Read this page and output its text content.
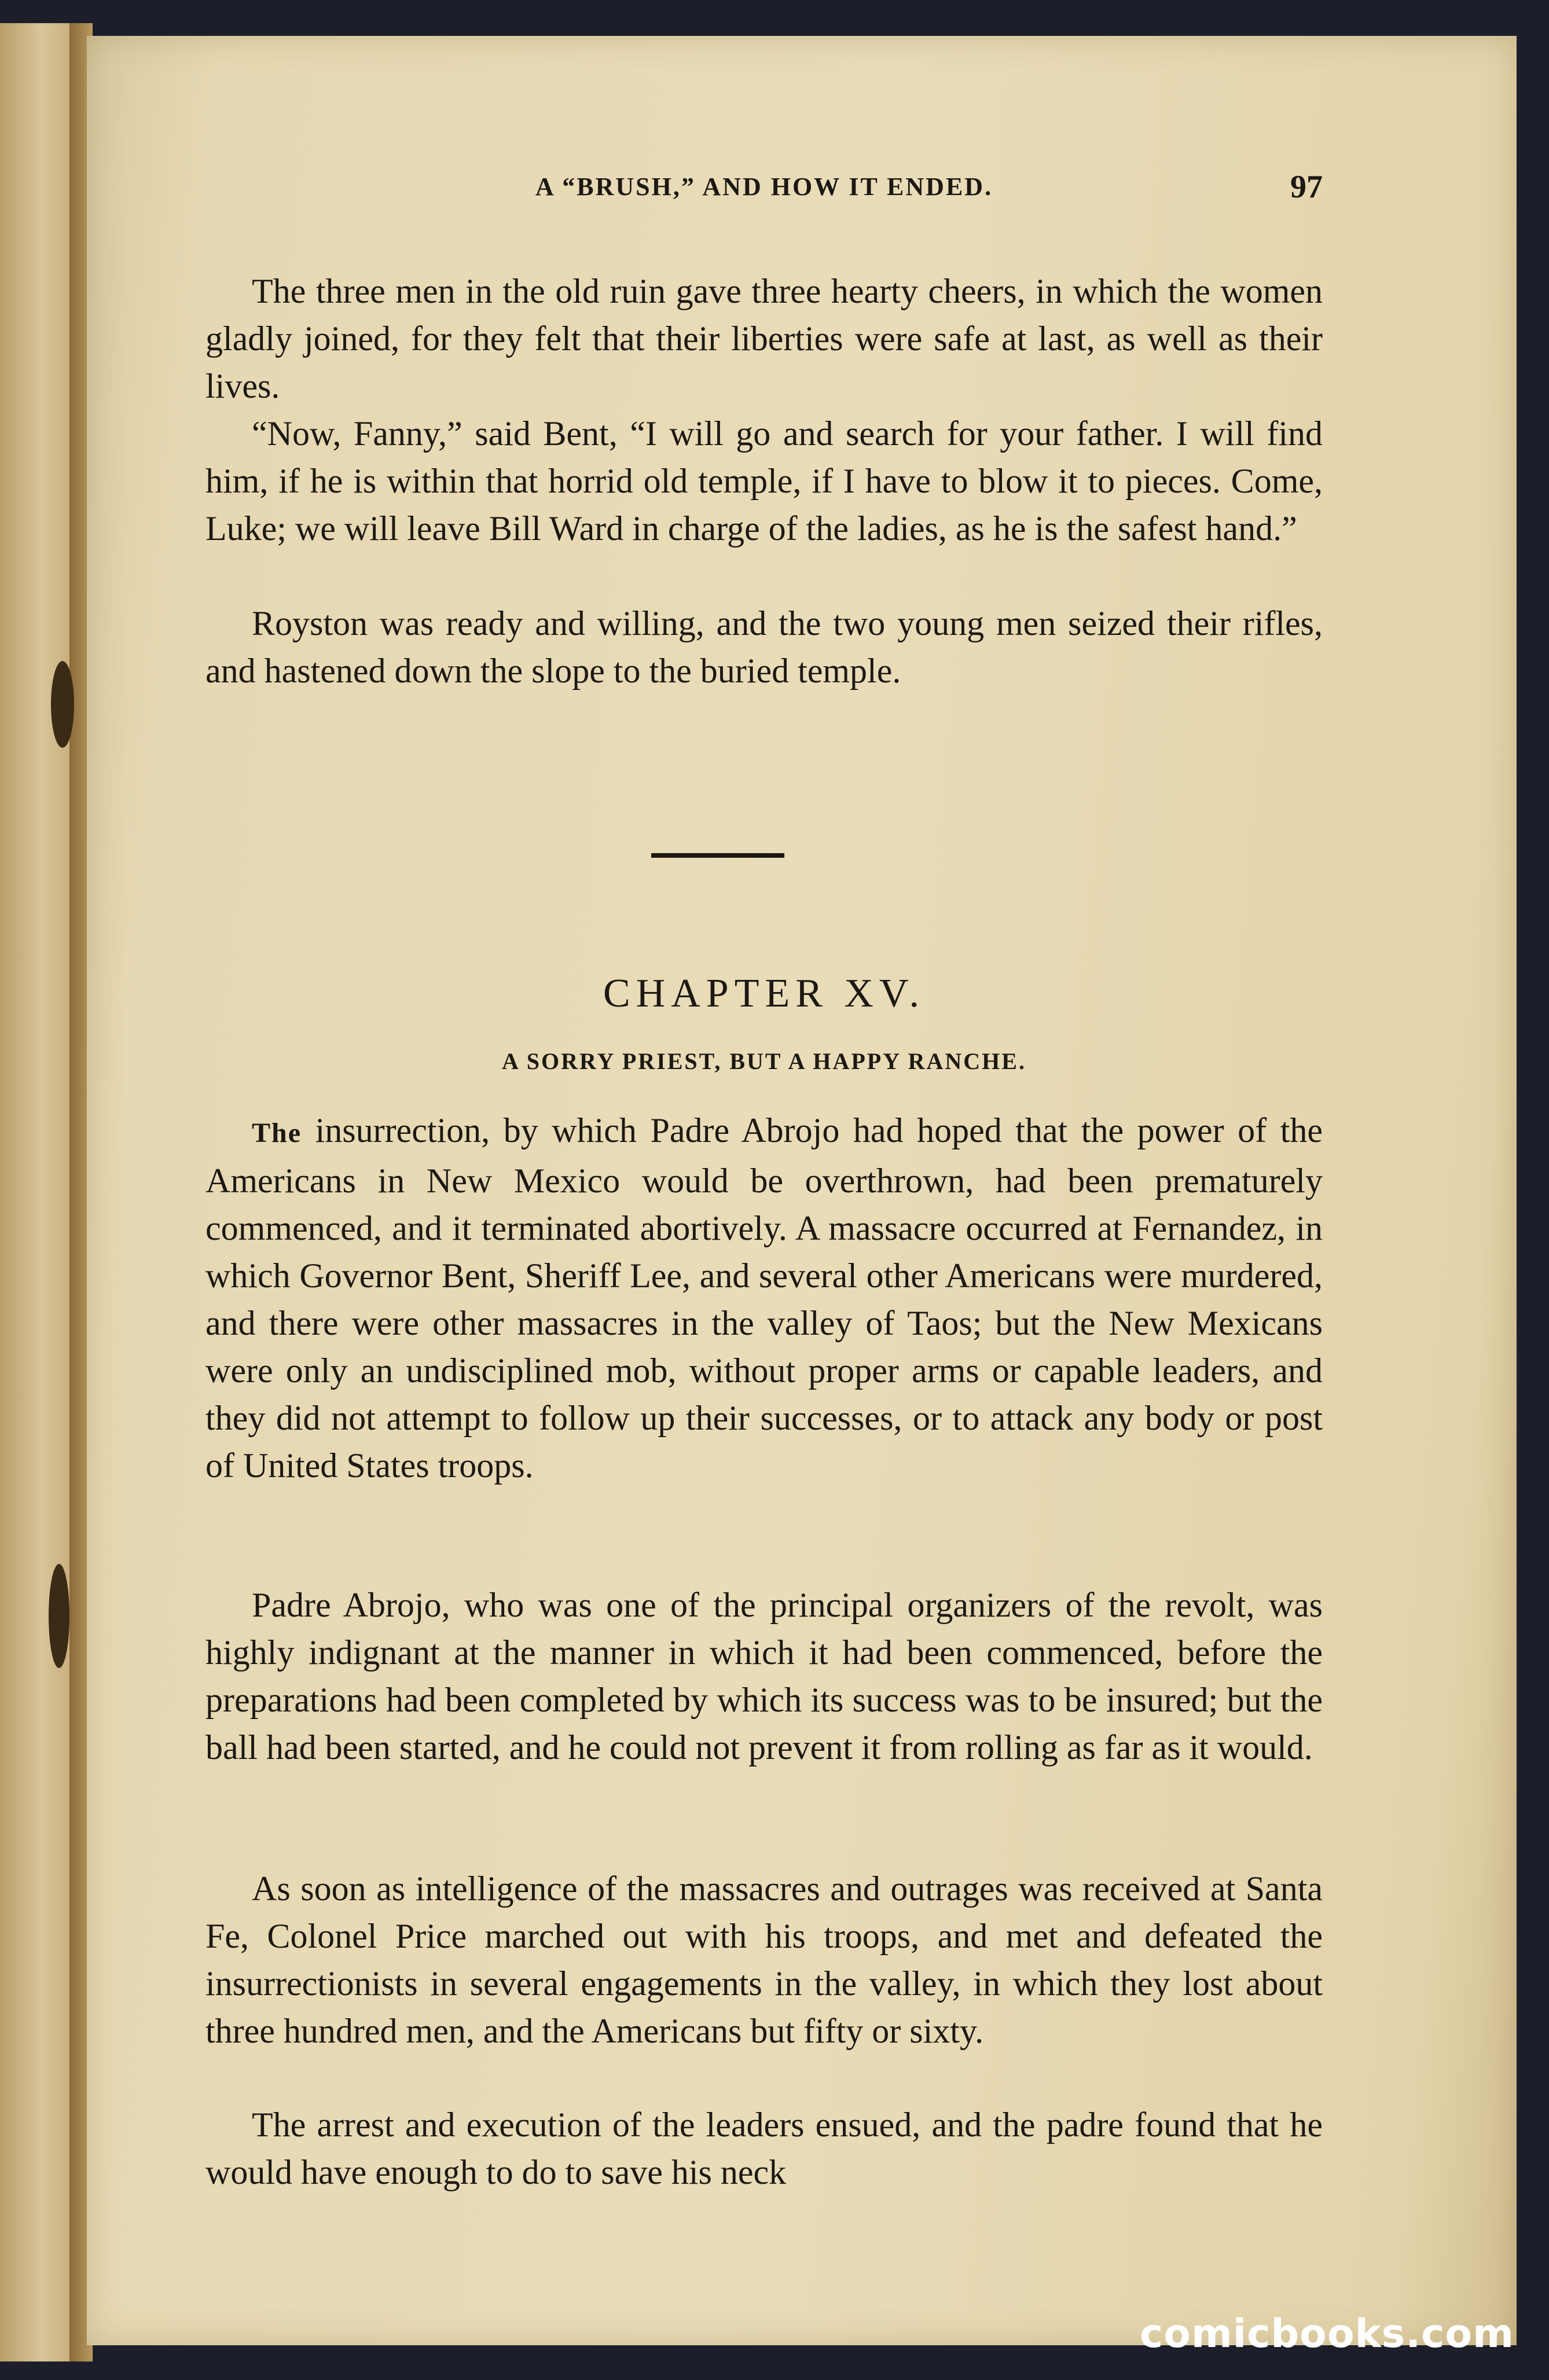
A “BRUSH,” AND HOW IT ENDED.	97

The three men in the old ruin gave three hearty cheers, in which the women gladly joined, for they felt that their liberties were safe at last, as well as their lives.

“Now, Fanny,” said Bent, “I will go and search for your father. I will find him, if he is within that horrid old temple, if I have to blow it to pieces. Come, Luke; we will leave Bill Ward in charge of the ladies, as he is the safest hand.”

Royston was ready and willing, and the two young men seized their rifles, and hastened down the slope to the buried temple.

CHAPTER XV.
A SORRY PRIEST, BUT A HAPPY RANCHE.

The insurrection, by which Padre Abrojo had hoped that the power of the Americans in New Mexico would be overthrown, had been prematurely commenced, and it terminated abortively. A massacre occurred at Fernandez, in which Governor Bent, Sheriff Lee, and several other Americans were murdered, and there were other massacres in the valley of Taos; but the New Mexicans were only an undisciplined mob, without proper arms or capable leaders, and they did not attempt to follow up their successes, or to attack any body or post of United States troops.

Padre Abrojo, who was one of the principal organizers of the revolt, was highly indignant at the manner in which it had been commenced, before the preparations had been completed by which its success was to be insured; but the ball had been started, and he could not prevent it from rolling as far as it would.

As soon as intelligence of the massacres and outrages was received at Santa Fe, Colonel Price marched out with his troops, and met and defeated the insurrectionists in several engagements in the valley, in which they lost about three hundred men, and the Americans but fifty or sixty.

The arrest and execution of the leaders ensued, and the padre found that he would have enough to do to save his neck

comicbooks.com
